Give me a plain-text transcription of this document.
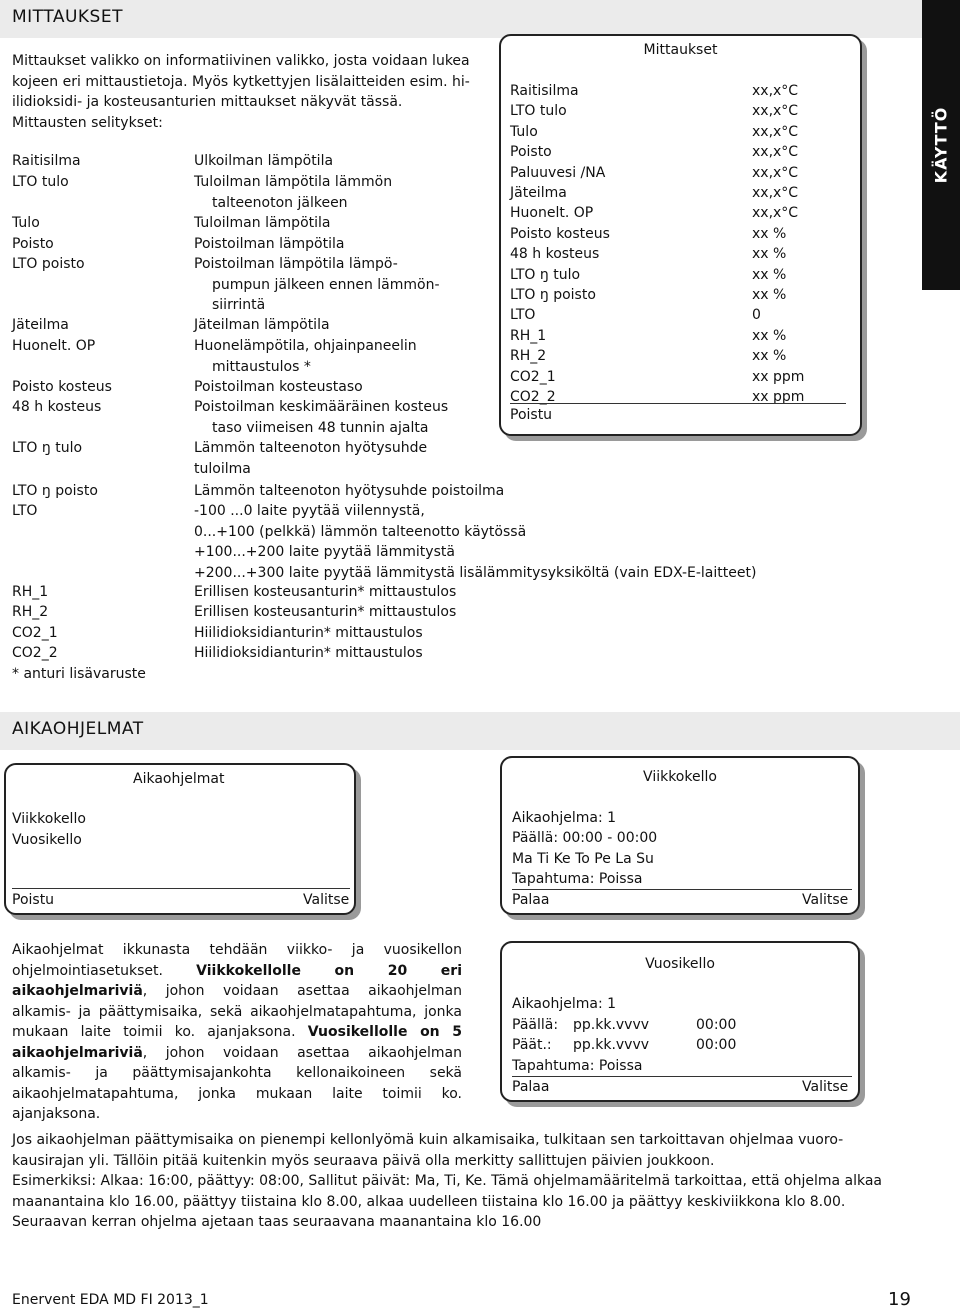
MITTAUKSET
KÄYTTÖ
Mittaukset valikko on informatiivinen valikko, josta voidaan lukea
kojeen eri mittaustietoja. Myös kytkettyjen lisälaitteiden esim. hi-
ilidioksidi- ja kosteusanturien mittaukset näkyvät tässä.
Mittausten selitykset:
Raitisilma	Ulkoilman lämpötila
LTO tulo	Tuloilman lämpötila lämmön
talteenoton jälkeen
Tulo	Tuloilman lämpötila
Poisto	Poistoilman lämpötila
LTO poisto	Poistoilman lämpötila lämpö-
pumpun jälkeen ennen lämmön-
siirrintä
Jäteilma	Jäteilman lämpötila
Huonelt. OP	Huonelämpötila, ohjainpaneelin
mittaustulos *
Poisto kosteus	Poistoilman kosteustaso
48 h kosteus	Poistoilman keskimääräinen kosteus
taso viimeisen 48 tunnin ajalta
LTO ŋ tulo	Lämmön talteenoton hyötysuhde
tuloilma
LTO ŋ poisto	Lämmön talteenoton hyötysuhde poistoilma
LTO	-100 ...0 laite pyytää viilennystä,
0...+100 (pelkkä) lämmön talteenotto käytössä
+100...+200 laite pyytää lämmitystä
+200...+300 laite pyytää lämmitystä lisälämmitysyksiköltä (vain EDX-E-laitteet)
RH_1	Erillisen kosteusanturin* mittaustulos
RH_2	Erillisen kosteusanturin* mittaustulos
CO2_1	Hiilidioksidianturin* mittaustulos
CO2_2	Hiilidioksidianturin* mittaustulos
* anturi lisävaruste
Mittaukset
Raitisilma	xx,x°C
LTO tulo	xx,x°C
Tulo	xx,x°C
Poisto	xx,x°C
Paluuvesi /NA	xx,x°C
Jäteilma	xx,x°C
Huonelt. OP	xx,x°C
Poisto kosteus	xx %
48 h kosteus	xx %
LTO ŋ tulo	xx %
LTO ŋ poisto	xx %
LTO	0
RH_1	xx %
RH_2	xx %
CO2_1	xx ppm
CO2_2	xx ppm
Poistu
AIKAOHJELMAT
Aikaohjelmat
Viikkokello
Vuosikello
Poistu	Valitse
Viikkokello
Aikaohjelma: 1
Päällä: 00:00 - 00:00
Ma Ti Ke To Pe La Su
Tapahtuma: Poissa
Palaa	Valitse
Vuosikello
Aikaohjelma: 1
Päällä: pp.kk.vvvv	00:00
Päät.: pp.kk.vvvv	00:00
Tapahtuma: Poissa
Palaa	Valitse
Aikaohjelmat ikkunasta tehdään viikko- ja vuosikellon ohjelmointiasetukset. Viikkokellolle on 20 eri aikaohjelmariviä, johon voidaan asettaa aikaohjelman alkamis- ja päättymisaika, sekä aikaohjelmatapahtuma, jonka mukaan laite toimii ko. ajanjaksona. Vuosikellolle on 5 aikaohjelmariviä, johon voidaan asettaa aikaohjelman alkamis- ja päättymisajankohta kellonaikoineen sekä aikaohjelmatapahtuma, jonka mukaan laite toimii ko. ajanjaksona.
Jos aikaohjelman päättymisaika on pienempi kellonlyömä kuin alkamisaika, tulkitaan sen tarkoittavan ohjelmaa vuoro-
kausirajan yli. Tällöin pitää kuitenkin myös seuraava päivä olla merkitty sallittujen päivien joukkoon.
Esimerkiksi: Alkaa: 16:00, päättyy: 08:00, Sallitut päivät: Ma, Ti, Ke. Tämä ohjelmamääritelmä tarkoittaa, että ohjelma alkaa
maanantaina klo 16.00, päättyy tiistaina klo 8.00, alkaa uudelleen tiistaina klo 16.00 ja päättyy keskiviikkona klo 8.00.
Seuraavan kerran ohjelma ajetaan taas seuraavana maanantaina klo 16.00
Enervent EDA MD FI 2013_1	19
